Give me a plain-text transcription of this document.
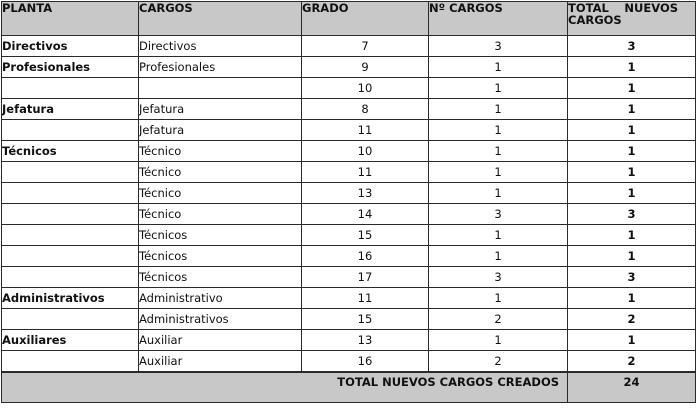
PLANTA	CARGOS	GRADO	Nº CARGOS	TOTAL NUEVOS
CARGOS

Directivos	Directivos	7	3	3
Profesionales	Profesionales	9	1	1
		10	1	1
Jefatura	Jefatura	8	1	1
	Jefatura	11	1	1
Técnicos	Técnico	10	1	1
	Técnico	11	1	1
	Técnico	13	1	1
	Técnico	14	3	3
	Técnicos	15	1	1
	Técnicos	16	1	1
	Técnicos	17	3	3
Administrativos	Administrativo	11	1	1
	Administrativos	15	2	2
Auxiliares	Auxiliar	13	1	1
	Auxiliar	16	2	2
TOTAL NUEVOS CARGOS CREADOS				24
